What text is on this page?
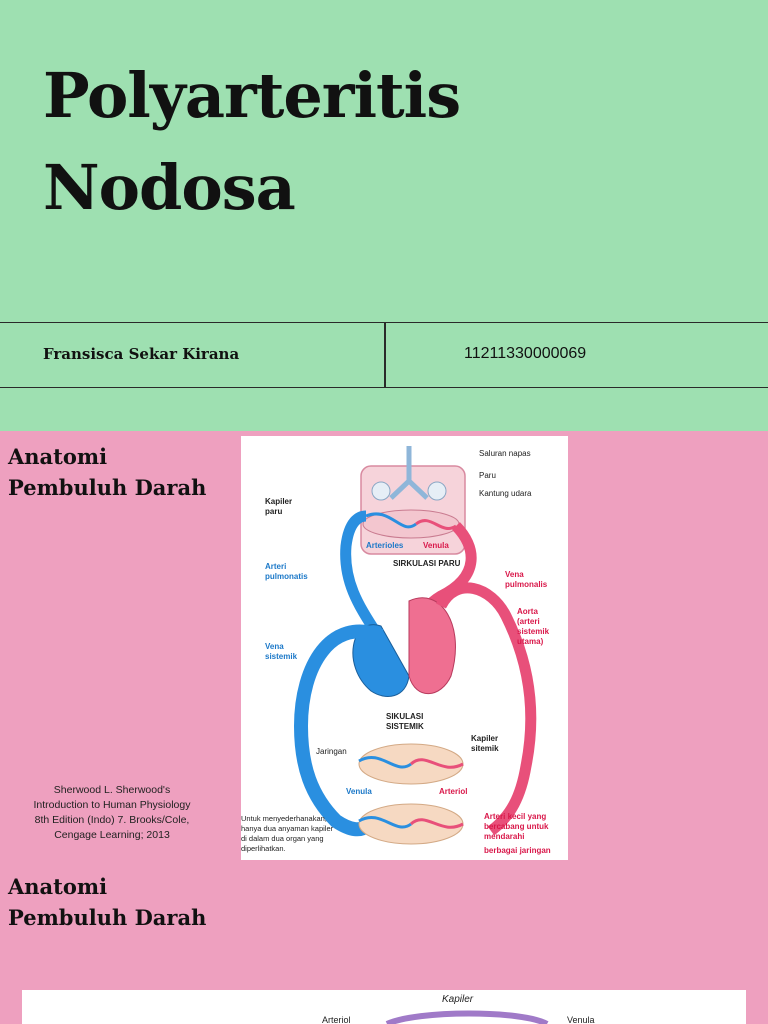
Polyarteritis
Nodosa
Fransisca Sekar Kirana	11211330000069
Anatomi
Pembuluh Darah
Sherwood L. Sherwood's Introduction to Human Physiology 8th Edition (Indo) 7. Brooks/Cole, Cengage Learning; 2013
Saluran napas
Paru
Kantung udara
Kapiler
paru
Arterioles Venula
SIRKULASI PARU
Arteri
pulmonatis	Vena
pulmonalis
Aorta
(arteri
sistemik
utama)
Vena
sistemik
SIKULASI
SISTEMIK
Jaringan
Kapiler
sitemik
Venula	Arteriol
Untuk menyederhanakan,
hanya dua anyaman kapiler
di dalam dua organ yang
diperlihatkan.
Arteri kecil yang
bercabang untuk
mendarahi
berbagai jaringan
Anatomi
Pembuluh Darah
Kapiler
Arteriol	Venula
